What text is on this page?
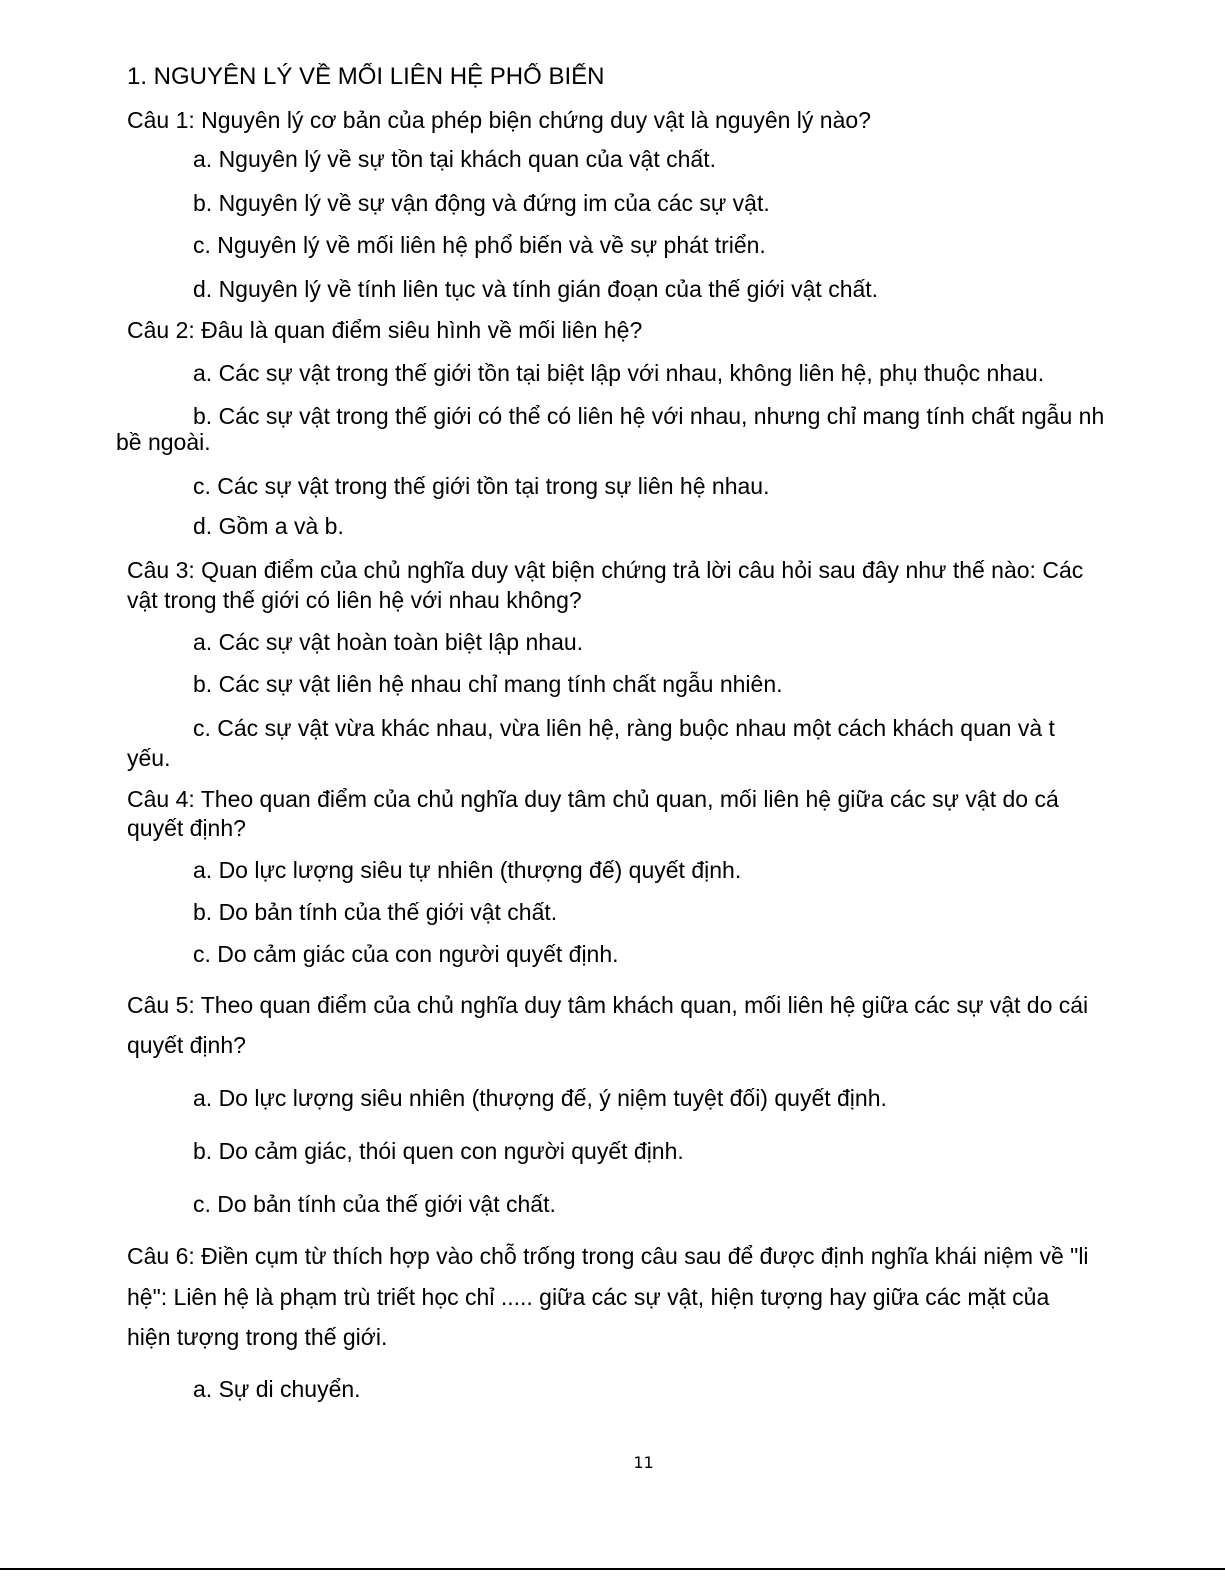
1. NGUYÊN LÝ VỀ MỐI LIÊN HỆ PHỔ BIẾN
Câu 1: Nguyên lý cơ bản của phép biện chứng duy vật là nguyên lý nào?
a. Nguyên lý về sự tồn tại khách quan của vật chất.
b. Nguyên lý về sự vận động và đứng im của các sự vật.
c. Nguyên lý về mối liên hệ phổ biến và về sự phát triển.
d. Nguyên lý về tính liên tục và tính gián đoạn của thế giới vật chất.
Câu 2: Đâu là quan điểm siêu hình về mối liên hệ?
a. Các sự vật trong thế giới tồn tại biệt lập với nhau, không liên hệ, phụ thuộc nhau.
b. Các sự vật trong thế giới có thể có liên hệ với nhau, nhưng chỉ mang tính chất ngẫu nh
bề ngoài.
c. Các sự vật trong thế giới tồn tại trong sự liên hệ nhau.
d. Gồm a và b.
Câu 3: Quan điểm của chủ nghĩa duy vật biện chứng trả lời câu hỏi sau đây như thế nào: Các
vật trong thế giới có liên hệ với nhau không?
a. Các sự vật hoàn toàn biệt lập nhau.
b. Các sự vật liên hệ nhau chỉ mang tính chất ngẫu nhiên.
c. Các sự vật vừa khác nhau, vừa liên hệ, ràng buộc nhau một cách khách quan và t
yếu.
Câu 4: Theo quan điểm của chủ nghĩa duy tâm chủ quan, mối liên hệ giữa các sự vật do cá
quyết định?
a. Do lực lượng siêu tự nhiên (thượng đế) quyết định.
b. Do bản tính của thế giới vật chất.
c. Do cảm giác của con người quyết định.
Câu 5: Theo quan điểm của chủ nghĩa duy tâm khách quan, mối liên hệ giữa các sự vật do cái
quyết định?
a. Do lực lượng siêu nhiên (thượng đế, ý niệm tuyệt đối) quyết định.
b. Do cảm giác, thói quen con người quyết định.
c. Do bản tính của thế giới vật chất.
Câu 6: Điền cụm từ thích hợp vào chỗ trống trong câu sau để được định nghĩa khái niệm về "li
hệ": Liên hệ là phạm trù triết học chỉ ..... giữa các sự vật, hiện tượng hay giữa các mặt của
hiện tượng trong thế giới.
a. Sự di chuyển.
11
